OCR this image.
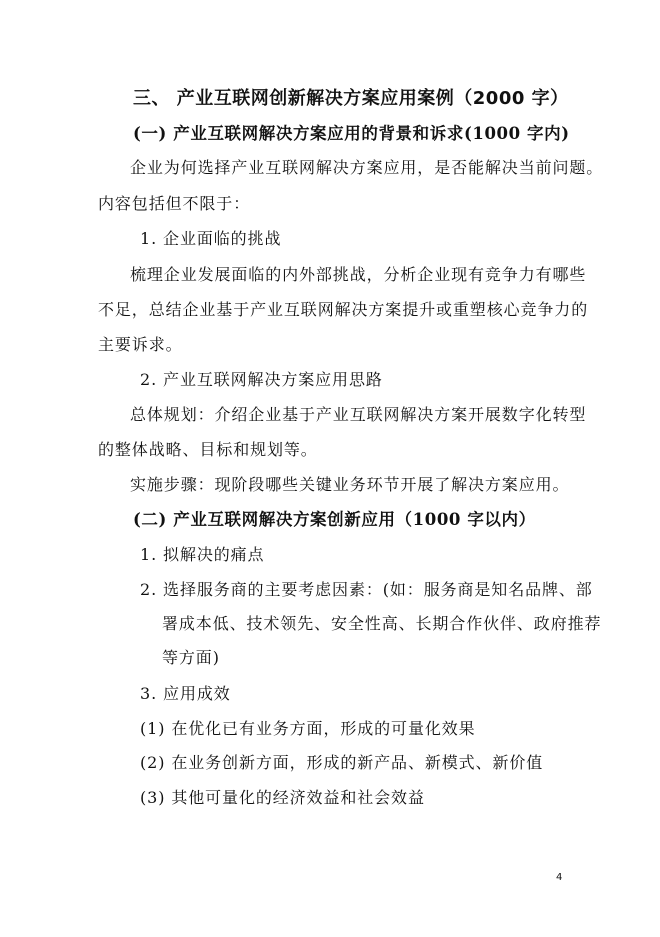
三、 产业互联网创新解决方案应用案例（2000 字）
(一) 产业互联网解决方案应用的背景和诉求(1000 字内)
企业为何选择产业互联网解决方案应用，是否能解决当前问题。
内容包括但不限于：
1. 企业面临的挑战
梳理企业发展面临的内外部挑战，分析企业现有竞争力有哪些
不足，总结企业基于产业互联网解决方案提升或重塑核心竞争力的
主要诉求。
2. 产业互联网解决方案应用思路
总体规划：介绍企业基于产业互联网解决方案开展数字化转型
的整体战略、目标和规划等。
实施步骤：现阶段哪些关键业务环节开展了解决方案应用。
(二) 产业互联网解决方案创新应用（1000 字以内）
1. 拟解决的痛点
2. 选择服务商的主要考虑因素：(如：服务商是知名品牌、部
署成本低、技术领先、安全性高、长期合作伙伴、政府推荐
等方面)
3. 应用成效
(1) 在优化已有业务方面，形成的可量化效果
(2) 在业务创新方面，形成的新产品、新模式、新价值
(3) 其他可量化的经济效益和社会效益
4
